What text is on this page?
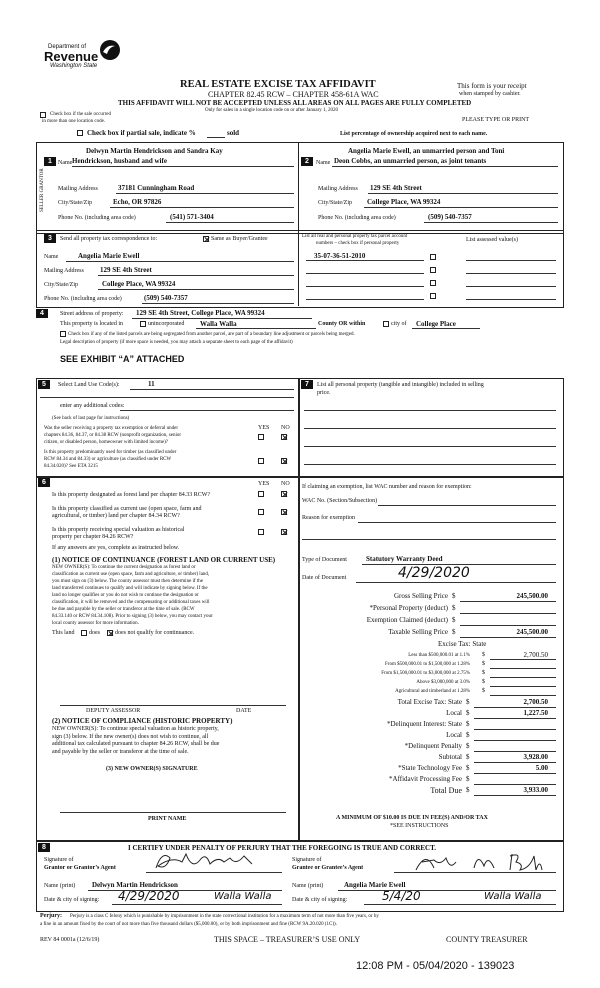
Department of
Revenue
Washington State
REAL ESTATE EXCISE TAX AFFIDAVIT
CHAPTER 82.45 RCW – CHAPTER 458-61A WAC
THIS AFFIDAVIT WILL NOT BE ACCEPTED UNLESS ALL AREAS ON ALL PAGES ARE FULLY COMPLETED
This form is your receipt
when stamped by cashier.
Only for sales in a single location code on or after January 1, 2020
PLEASE TYPE OR PRINT
Check box if the sale occurred
in more than one location code.
Check box if partial sale, indicate %	sold	List percentage of ownership acquired next to each name.
1
Delwyn Martin Hendrickson and Sandra Kay
Hendrickson, husband and wife
Name
SELLER GRANTOR Mailing Address	37181 Cunningham Road
City/State/Zip	Echo, OR 97826
Phone No. (including area code)	(541) 571-3404
2
Angelia Marie Ewell, an unmarried person and Toni
Deon Cobbs, an unmarried person, as joint tenants
Name
Mailing Address 129 SE 4th Street
City/State/Zip College Place, WA 99324
Phone No. (including area code)	(509) 540-7357
3	Send all property tax correspondence to:	Same as Buyer/Grantee
Name	Angelia Marie Ewell
Mailing Address 129 SE 4th Street
City/State/Zip	College Place, WA 99324
Phone No. (including area code)	(509) 540-7357
List all real and personal property tax parcel account
numbers – check box if personal property
List assessed value(s)
35-07-36-51-2010
4	Street address of property: 129 SE 4th Street, College Place, WA 99324
This property is located in	unincorporated Walla Walla	County OR within	city of College Place
Check box if any of the listed parcels are being segregated from another parcel, are part of a boundary line adjustment or parcels being merged.
Legal description of property (if more space is needed, you may attach a separate sheet to each page of the affidavit)
SEE EXHIBIT “A” ATTACHED
5	Select Land Use Code(s):	11
enter any additional codes:
(See back of last page for instructions)
YES NO
Was the seller receiving a property tax exemption or deferral under
chapters 84.36, 84.37, or 84.38 RCW (nonprofit organization, senior
citizen, or disabled person, homeowner with limited income)?
Is this property predominantly used for timber (as classified under
RCW 84.34 and 84.33) or agriculture (as classified under RCW
84.34.020)? See ETA 3215
6	YES NO
Is this property designated as forest land per chapter 84.33 RCW?
Is this property classified as current use (open space, farm and
agricultural, or timber) land per chapter 84.34 RCW?
Is this property receiving special valuation as historical
property per chapter 84.26 RCW?
If any answers are yes, complete as instructed below.
(1) NOTICE OF CONTINUANCE (FOREST LAND OR CURRENT USE)
NEW OWNER(S): To continue the current designation as forest land or
classification as current use (open space, farm and agriculture, or timber) land,
you must sign on (3) below. The county assessor must then determine if the
land transferred continues to qualify and will indicate by signing below. If the
land no longer qualifies or you do not wish to continue the designation or
classification, it will be removed and the compensating or additional taxes will
be due and payable by the seller or transferor at the time of sale. (RCW
84.33.140 or RCW 84.34.108). Prior to signing (3) below, you may contact your
local county assessor for more information.
This land does	does not qualify for continuance.
DEPUTY ASSESSOR	DATE
(2) NOTICE OF COMPLIANCE (HISTORIC PROPERTY)
NEW OWNER(S): To continue special valuation as historic property,
sign (3) below. If the new owner(s) does not wish to continue, all
additional tax calculated pursuant to chapter 84.26 RCW, shall be due
and payable by the seller or transferor at the time of sale.
(3) NEW OWNER(S) SIGNATURE
PRINT NAME
7	List all personal property (tangible and intangible) included in selling
price.
If claiming an exemption, list WAC number and reason for exemption:
WAC No. (Section/Subsection)
Reason for exemption
Type of Document	Statutory Warranty Deed
Date of Document	4/29/2020
Gross Selling Price $	245,500.00
*Personal Property (deduct) $
Exemption Claimed (deduct) $
Taxable Selling Price $	245,500.00
Excise Tax: State
Less than $500,000.01 at 1.1% $	2,700.50
From $500,000.01 to $1,500,000 at 1.28% $
From $1,500,000.01 to $3,000,000 at 2.75% $
Above $3,000,000 at 3.0% $
Agricultural and timberland at 1.28% $
Total Excise Tax: State $	2,700.50
Local $	1,227.50
*Delinquent Interest: State $
Local $
*Delinquent Penalty $
Subtotal $	3,928.00
*State Technology Fee $	5.00
*Affidavit Processing Fee $
Total Due $	3,933.00
A MINIMUM OF $10.00 IS DUE IN FEE(S) AND/OR TAX
*SEE INSTRUCTIONS
8	I CERTIFY UNDER PENALTY OF PERJURY THAT THE FOREGOING IS TRUE AND CORRECT.
Signature of
Grantor or Grantor’s Agent
Name (print) Delwyn Martin Hendrickson
Date & city of signing: 4/29/2020	Walla Walla
Signature of
Grantee or Grantee’s Agent
Name (print)	Angelia Marie Ewell
Date & city of signing:	5/4/20	Walla Walla
Perjury: Perjury is a class C felony which is punishable by imprisonment in the state correctional institution for a maximum term of not more than five years, or by
a fine in an amount fixed by the court of not more than five thousand dollars ($5,000.00), or by both imprisonment and fine (RCW 9A.20.020 (1C)).
REV 84 0001a (12/6/19)	THIS SPACE – TREASURER’S USE ONLY	COUNTY TREASURER
12:08 PM - 05/04/2020 - 139023
